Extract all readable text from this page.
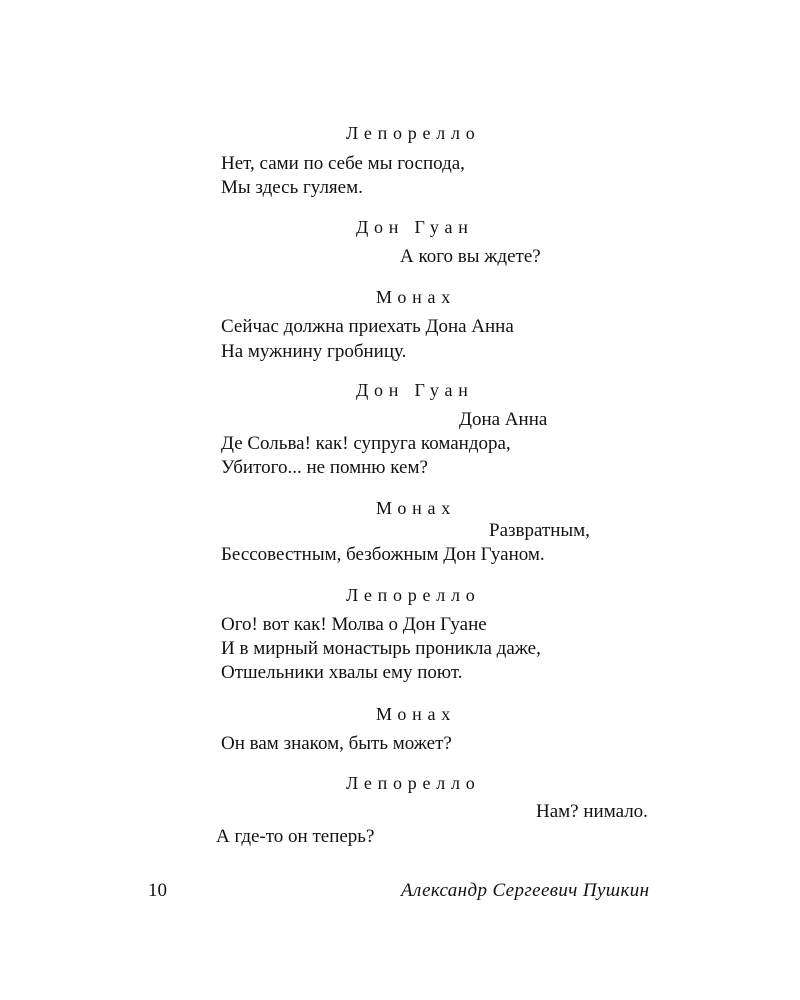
Лепорелло
Нет, сами по себе мы господа,
Мы здесь гуляем.
Дон Гуан
А кого вы ждете?
Монах
Сейчас должна приехать Дона Анна
На мужнину гробницу.
Дон Гуан
Дона Анна
Де Сольва! как! супруга командора,
Убитого... не помню кем?
Монах
Развратным,
Бессовестным, безбожным Дон Гуаном.
Лепорелло
Ого! вот как! Молва о Дон Гуане
И в мирный монастырь проникла даже,
Отшельники хвалы ему поют.
Монах
Он вам знаком, быть может?
Лепорелло
Нам? нимало.
А где-то он теперь?
10	Александр Сергеевич Пушкин
